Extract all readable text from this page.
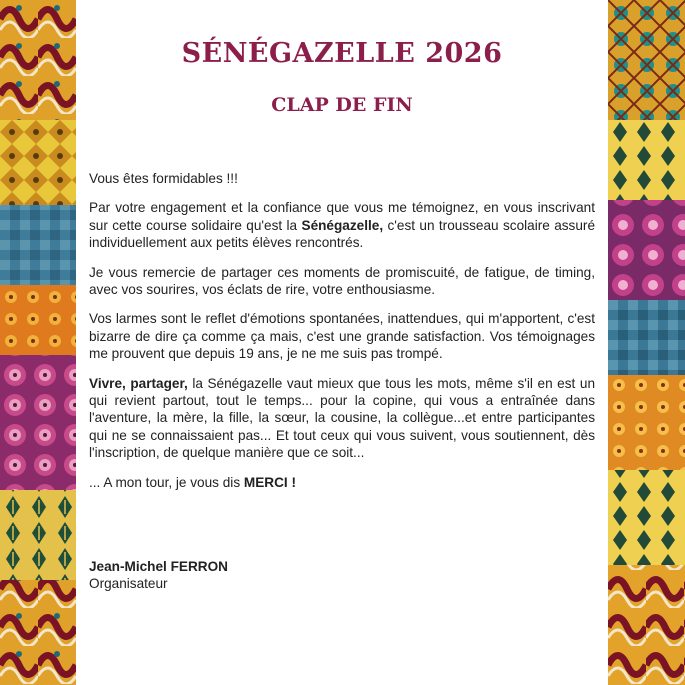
SÉNÉGAZELLE 2026
CLAP DE FIN

Vous êtes formidables !!!

Par votre engagement et la confiance que vous me témoignez, en vous inscrivant sur cette course solidaire qu'est la Sénégazelle, c'est un trousseau scolaire assuré individuellement aux petits élèves rencontrés.

Je vous remercie de partager ces moments de promiscuité, de fatigue, de timing, avec vos sourires, vos éclats de rire, votre enthousiasme.

Vos larmes sont le reflet d'émotions spontanées, inattendues, qui m'apportent, c'est bizarre de dire ça comme ça mais, c'est une grande satisfaction. Vos témoignages me prouvent que depuis 19 ans, je ne me suis pas trompé.

Vivre, partager, la Sénégazelle vaut mieux que tous les mots, même s'il en est un qui revient partout, tout le temps... pour la copine, qui vous a entraînée dans l'aventure, la mère, la fille, la sœur, la cousine, la collègue...et entre participantes qui ne se connaissaient pas... Et tout ceux qui vous suivent, vous soutiennent, dès l'inscription, de quelque manière que ce soit...

... A mon tour, je vous dis MERCI !

Jean-Michel FERRON
Organisateur
